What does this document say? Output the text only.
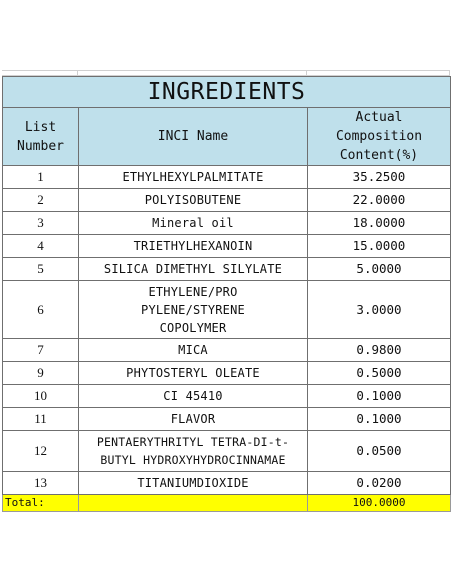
INGREDIENTS		
List Number	INCI Name	Actual Composition Content(%)
1	ETHYLHEXYLPALMITATE	35.2500
2	POLYISOBUTENE	22.0000
3	Mineral oil	18.0000
4	TRIETHYLHEXANOIN	15.0000
5	SILICA DIMETHYL SILYLATE	5.0000
6	ETHYLENE/PRO PYLENE/STYRENE COPOLYMER	3.0000
7	MICA	0.9800
9	PHYTOSTERYL OLEATE	0.5000
10	CI 45410	0.1000
11	FLAVOR	0.1000
12	PENTAERYTHRITYL TETRA-DI-t-BUTYL HYDROXYHYDROCINNAMAE	0.0500
13	TITANIUMDIOXIDE	0.0200
Total:		100.0000
